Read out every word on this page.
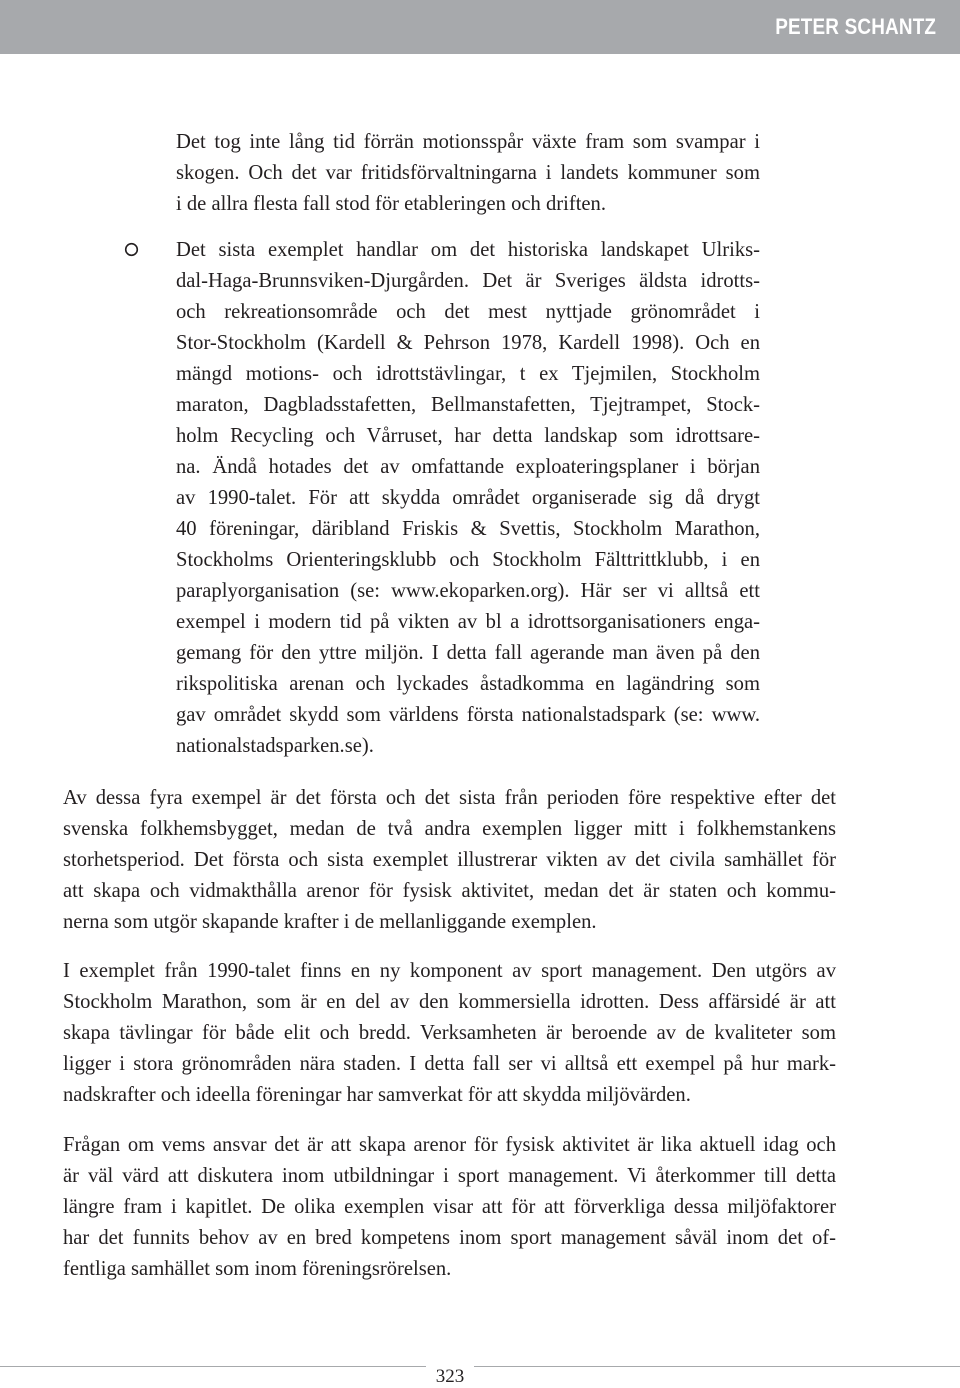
PETER SCHANTZ
Det tog inte lång tid förrän motionsspår växte fram som svampar i
skogen. Och det var fritidsförvaltningarna i landets kommuner som
i de allra flesta fall stod för etableringen och driften.
Det sista exemplet handlar om det historiska landskapet Ulriks-
dal-Haga-Brunnsviken-Djurgården. Det är Sveriges äldsta idrotts-
och rekreationsområde och det mest nyttjade grönområdet i
Stor-Stockholm (Kardell & Pehrson 1978, Kardell 1998). Och en
mängd motions- och idrottstävlingar, t ex Tjejmilen, Stockholm
maraton, Dagbladsstafetten, Bellmanstafetten, Tjejtrampet, Stock-
holm Recycling och Vårruset, har detta landskap som idrottsare-
na. Ändå hotades det av omfattande exploateringsplaner i början
av 1990-talet. För att skydda området organiserade sig då drygt
40 föreningar, däribland Friskis & Svettis, Stockholm Marathon,
Stockholms Orienteringsklubb och Stockholm Fälttrittklubb, i en
paraplyorganisation (se: www.ekoparken.org). Här ser vi alltså ett
exempel i modern tid på vikten av bl a idrottsorganisationers enga-
gemang för den yttre miljön. I detta fall agerande man även på den
rikspolitiska arenan och lyckades åstadkomma en lagändring som
gav området skydd som världens första nationalstadspark (se: www.
nationalstadsparken.se).
Av dessa fyra exempel är det första och det sista från perioden före respektive efter det
svenska folkhemsbygget, medan de två andra exemplen ligger mitt i folkhemstankens
storhetsperiod. Det första och sista exemplet illustrerar vikten av det civila samhället för
att skapa och vidmakthålla arenor för fysisk aktivitet, medan det är staten och kommu-
nerna som utgör skapande krafter i de mellanliggande exemplen.
I exemplet från 1990-talet finns en ny komponent av sport management. Den utgörs av
Stockholm Marathon, som är en del av den kommersiella idrotten. Dess affärsidé är att
skapa tävlingar för både elit och bredd. Verksamheten är beroende av de kvaliteter som
ligger i stora grönområden nära staden. I detta fall ser vi alltså ett exempel på hur mark-
nadskrafter och ideella föreningar har samverkat för att skydda miljövärden.
Frågan om vems ansvar det är att skapa arenor för fysisk aktivitet är lika aktuell idag och
är väl värd att diskutera inom utbildningar i sport management. Vi återkommer till detta
längre fram i kapitlet. De olika exemplen visar att för att förverkliga dessa miljöfaktorer
har det funnits behov av en bred kompetens inom sport management såväl inom det of-
fentliga samhället som inom föreningsrörelsen.
323
